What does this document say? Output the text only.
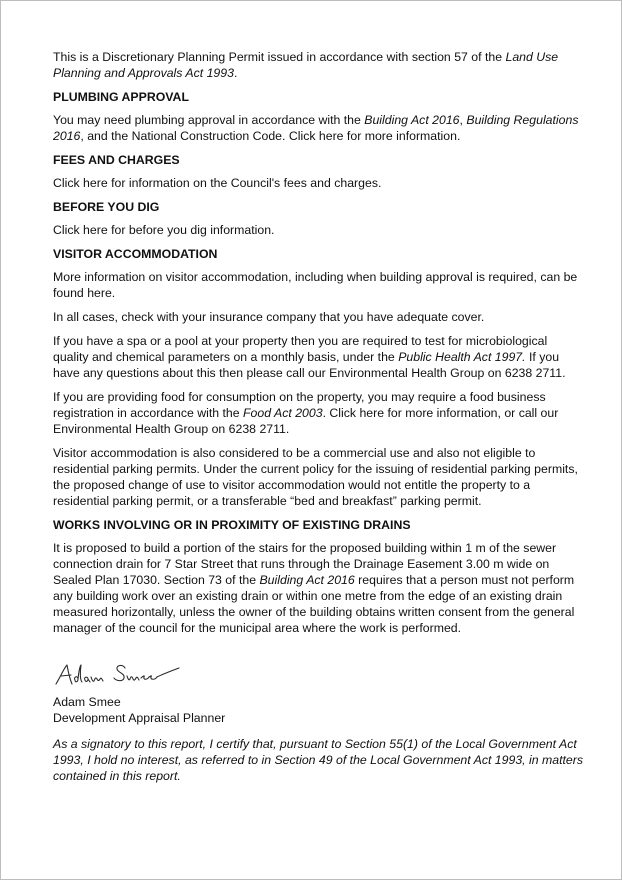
This is a Discretionary Planning Permit issued in accordance with section 57 of the Land Use Planning and Approvals Act 1993.

PLUMBING APPROVAL

You may need plumbing approval in accordance with the Building Act 2016, Building Regulations 2016, and the National Construction Code. Click here for more information.

FEES AND CHARGES

Click here for information on the Council's fees and charges.

BEFORE YOU DIG

Click here for before you dig information.

VISITOR ACCOMMODATION

More information on visitor accommodation, including when building approval is required, can be found here.

In all cases, check with your insurance company that you have adequate cover.

If you have a spa or a pool at your property then you are required to test for microbiological quality and chemical parameters on a monthly basis, under the Public Health Act 1997. If you have any questions about this then please call our Environmental Health Group on 6238 2711.

If you are providing food for consumption on the property, you may require a food business registration in accordance with the Food Act 2003. Click here for more information, or call our Environmental Health Group on 6238 2711.

Visitor accommodation is also considered to be a commercial use and also not eligible to residential parking permits. Under the current policy for the issuing of residential parking permits, the proposed change of use to visitor accommodation would not entitle the property to a residential parking permit, or a transferable “bed and breakfast” parking permit.

WORKS INVOLVING OR IN PROXIMITY OF EXISTING DRAINS

It is proposed to build a portion of the stairs for the proposed building within 1 m of the sewer connection drain for 7 Star Street that runs through the Drainage Easement 3.00 m wide on Sealed Plan 17030. Section 73 of the Building Act 2016 requires that a person must not perform any building work over an existing drain or within one metre from the edge of an existing drain measured horizontally, unless the owner of the building obtains written consent from the general manager of the council for the municipal area where the work is performed.

Adam Smee

Development Appraisal Planner

As a signatory to this report, I certify that, pursuant to Section 55(1) of the Local Government Act 1993, I hold no interest, as referred to in Section 49 of the Local Government Act 1993, in matters contained in this report.
